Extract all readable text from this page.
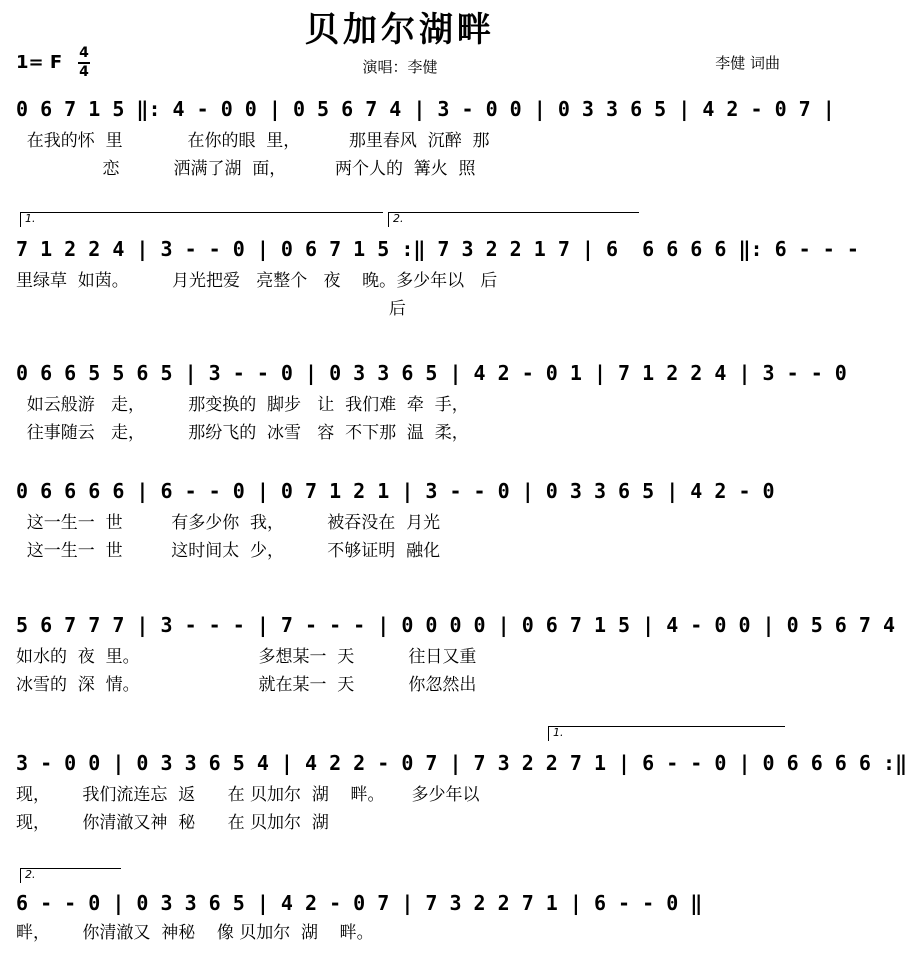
贝加尔湖畔
1= F 4
4	演唱：李健	李健 词曲
0 6 7 1 5 ‖: 4 - 0 0 | 0 5 6 7 4 | 3 - 0 0 | 0 3 3 6 5 | 4 2 - 0 7 |
在我的怀  里            在你的眼  里，         那里春风  沉醉  那
恋          洒满了湖  面，         两个人的  篝火  照
1.	2.
7 1 2 2 4 | 3 - - 0 | 0 6 7 1 5 :‖ 7 3 2 2 1 7 | 6  6 6 6 6 ‖: 6 - - -
里绿草  如茵。        月光把爱   亮整个   夜    晚。多少年以   后
后
0 6 6 5 5 6 5 | 3 - - 0 | 0 3 3 6 5 | 4 2 - 0 1 | 7 1 2 2 4 | 3 - - 0
如云般游   走，        那变换的  脚步   让  我们难  牵  手，
往事随云   走，        那纷飞的  冰雪   容  不下那  温  柔，
0 6 6 6 6 | 6 - - 0 | 0 7 1 2 1 | 3 - - 0 | 0 3 3 6 5 | 4 2 - 0
这一生一  世         有多少你  我，        被吞没在  月光
这一生一  世         这时间太  少，        不够证明  融化
5 6 7 7 7 | 3 - - - | 7 - - - | 0 0 0 0 | 0 6 7 1 5 | 4 - 0 0 | 0 5 6 7 4
如水的  夜  里。                      多想某一  天          往日又重
冰雪的  深  情。                      就在某一  天          你忽然出
1.
3 - 0 0 | 0 3 3 6 5 4 | 4 2 2 - 0 7 | 7 3 2 2 7 1 | 6 - - 0 | 0 6 6 6 6 :‖
现，      我们流连忘  返      在 贝加尔  湖    畔。     多少年以
现，      你清澈又神  秘      在 贝加尔  湖
2.
6 - - 0 | 0 3 3 6 5 | 4 2 - 0 7 | 7 3 2 2 7 1 | 6 - - 0 ‖
畔，      你清澈又  神秘    像 贝加尔  湖    畔。
